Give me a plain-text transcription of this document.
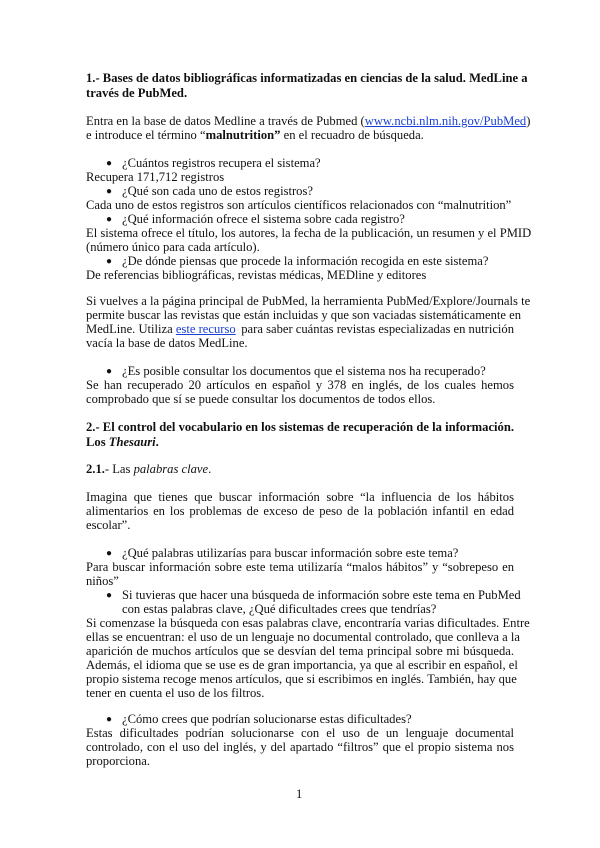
1.- Bases de datos bibliográficas informatizadas en ciencias de la salud. MedLine a
través de PubMed.
Entra en la base de datos Medline a través de Pubmed (www.ncbi.nlm.nih.gov/PubMed)
e introduce el término “malnutrition” en el recuadro de búsqueda.
● ¿Cuántos registros recupera el sistema?
Recupera 171,712 registros
● ¿Qué son cada uno de estos registros?
Cada uno de estos registros son artículos científicos relacionados con “malnutrition”
● ¿Qué información ofrece el sistema sobre cada registro?
El sistema ofrece el título, los autores, la fecha de la publicación, un resumen y el PMID
(número único para cada artículo).
● ¿De dónde piensas que procede la información recogida en este sistema?
De referencias bibliográficas, revistas médicas, MEDline y editores
Si vuelves a la página principal de PubMed, la herramienta PubMed/Explore/Journals te
permite buscar las revistas que están incluidas y que son vaciadas sistemáticamente en
MedLine. Utiliza este recurso para saber cuántas revistas especializadas en nutrición
vacía la base de datos MedLine.
● ¿Es posible consultar los documentos que el sistema nos ha recuperado?
Se han recuperado 20 artículos en español y 378 en inglés, de los cuales hemos
comprobado que sí se puede consultar los documentos de todos ellos.
2.- El control del vocabulario en los sistemas de recuperación de la información.
Los Thesauri.
2.1.- Las palabras clave.
Imagina que tienes que buscar información sobre “la influencia de los hábitos
alimentarios en los problemas de exceso de peso de la población infantil en edad
escolar”.
● ¿Qué palabras utilizarías para buscar información sobre este tema?
Para buscar información sobre este tema utilizaría “malos hábitos” y “sobrepeso en
niños”
● Si tuvieras que hacer una búsqueda de información sobre este tema en PubMed
con estas palabras clave, ¿Qué dificultades crees que tendrías?
Si comenzase la búsqueda con esas palabras clave, encontraría varias dificultades. Entre
ellas se encuentran: el uso de un lenguaje no documental controlado, que conlleva a la
aparición de muchos artículos que se desvían del tema principal sobre mi búsqueda.
Además, el idioma que se use es de gran importancia, ya que al escribir en español, el
propio sistema recoge menos artículos, que si escribimos en inglés. También, hay que
tener en cuenta el uso de los filtros.
● ¿Cómo crees que podrían solucionarse estas dificultades?
Estas dificultades podrían solucionarse con el uso de un lenguaje documental
controlado, con el uso del inglés, y del apartado “filtros” que el propio sistema nos
proporciona.
1
